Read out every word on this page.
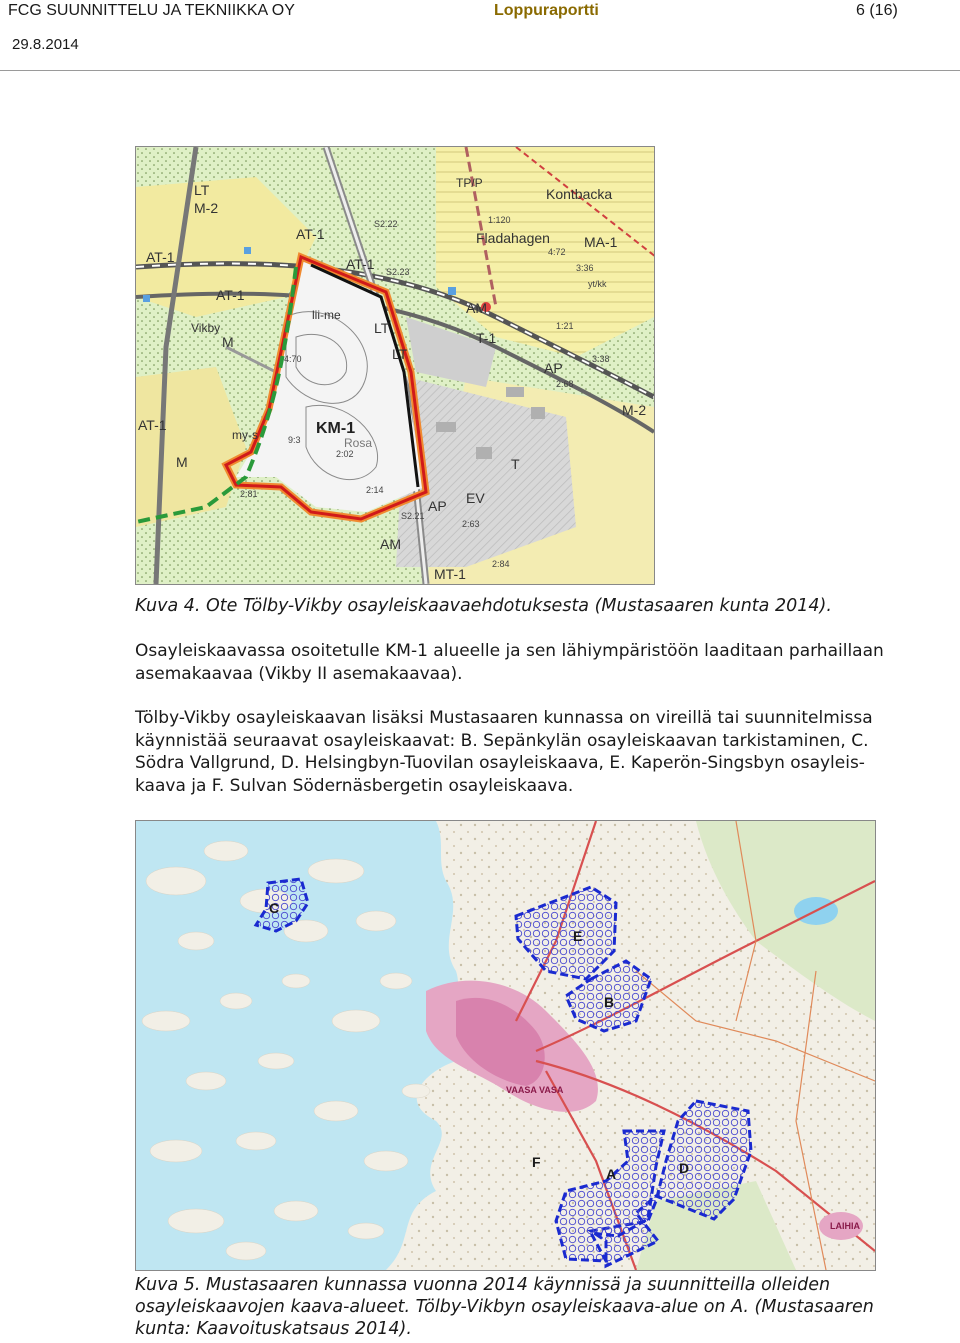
FCG SUUNNITTELU JA TEKNIIKKA OY	Loppuraportti	6 (16)
29.8.2014
LT
M-2
AT-1
AT-1
AT-1
AT-1
M
KM-1
my-s
LT
LT
T-1
AP
M-2
MA-1
TP/P
Kontbacka
Fladahagen
AT-1
Vikby
M	T
EV
AP
AM
MT-1
AM
lii-me
Rosa
S2.22
S2.23
S2.21
yt/kk
4:70
9:3
2:02
2:81	2:14
1:21
2:68
2:63
2:84
3:38
3:36
4:72
1:120
Kuva 4. Ote Tölby-Vikby osayleiskaavaehdotuksesta (Mustasaaren kunta 2014).
Osayleiskaavassa osoitetulle KM-1 alueelle ja sen lähiympäristöön laaditaan parhaillaan
asemakaavaa (Vikby II asemakaavaa).
Tölby-Vikby osayleiskaavan lisäksi Mustasaaren kunnassa on vireillä tai suunnitelmissa
käynnistää seuraavat osayleiskaavat: B. Sepänkylän osayleiskaavan tarkistaminen, C.
Södra Vallgrund, D. Helsingbyn-Tuovilan osayleiskaava, E. Kaperön-Singsbyn osayleis-
kaava ja F. Sulvan Södernäsbergetin osayleiskaava.
C
E
B
A	D
F
VAASA VASA
LAIHIA
Kuva 5. Mustasaaren kunnassa vuonna 2014 käynnissä ja suunnitteilla olleiden
osayleiskaavojen kaava-alueet. Tölby-Vikbyn osayleiskaava-alue on A. (Mustasaaren
kunta: Kaavoituskatsaus 2014).
